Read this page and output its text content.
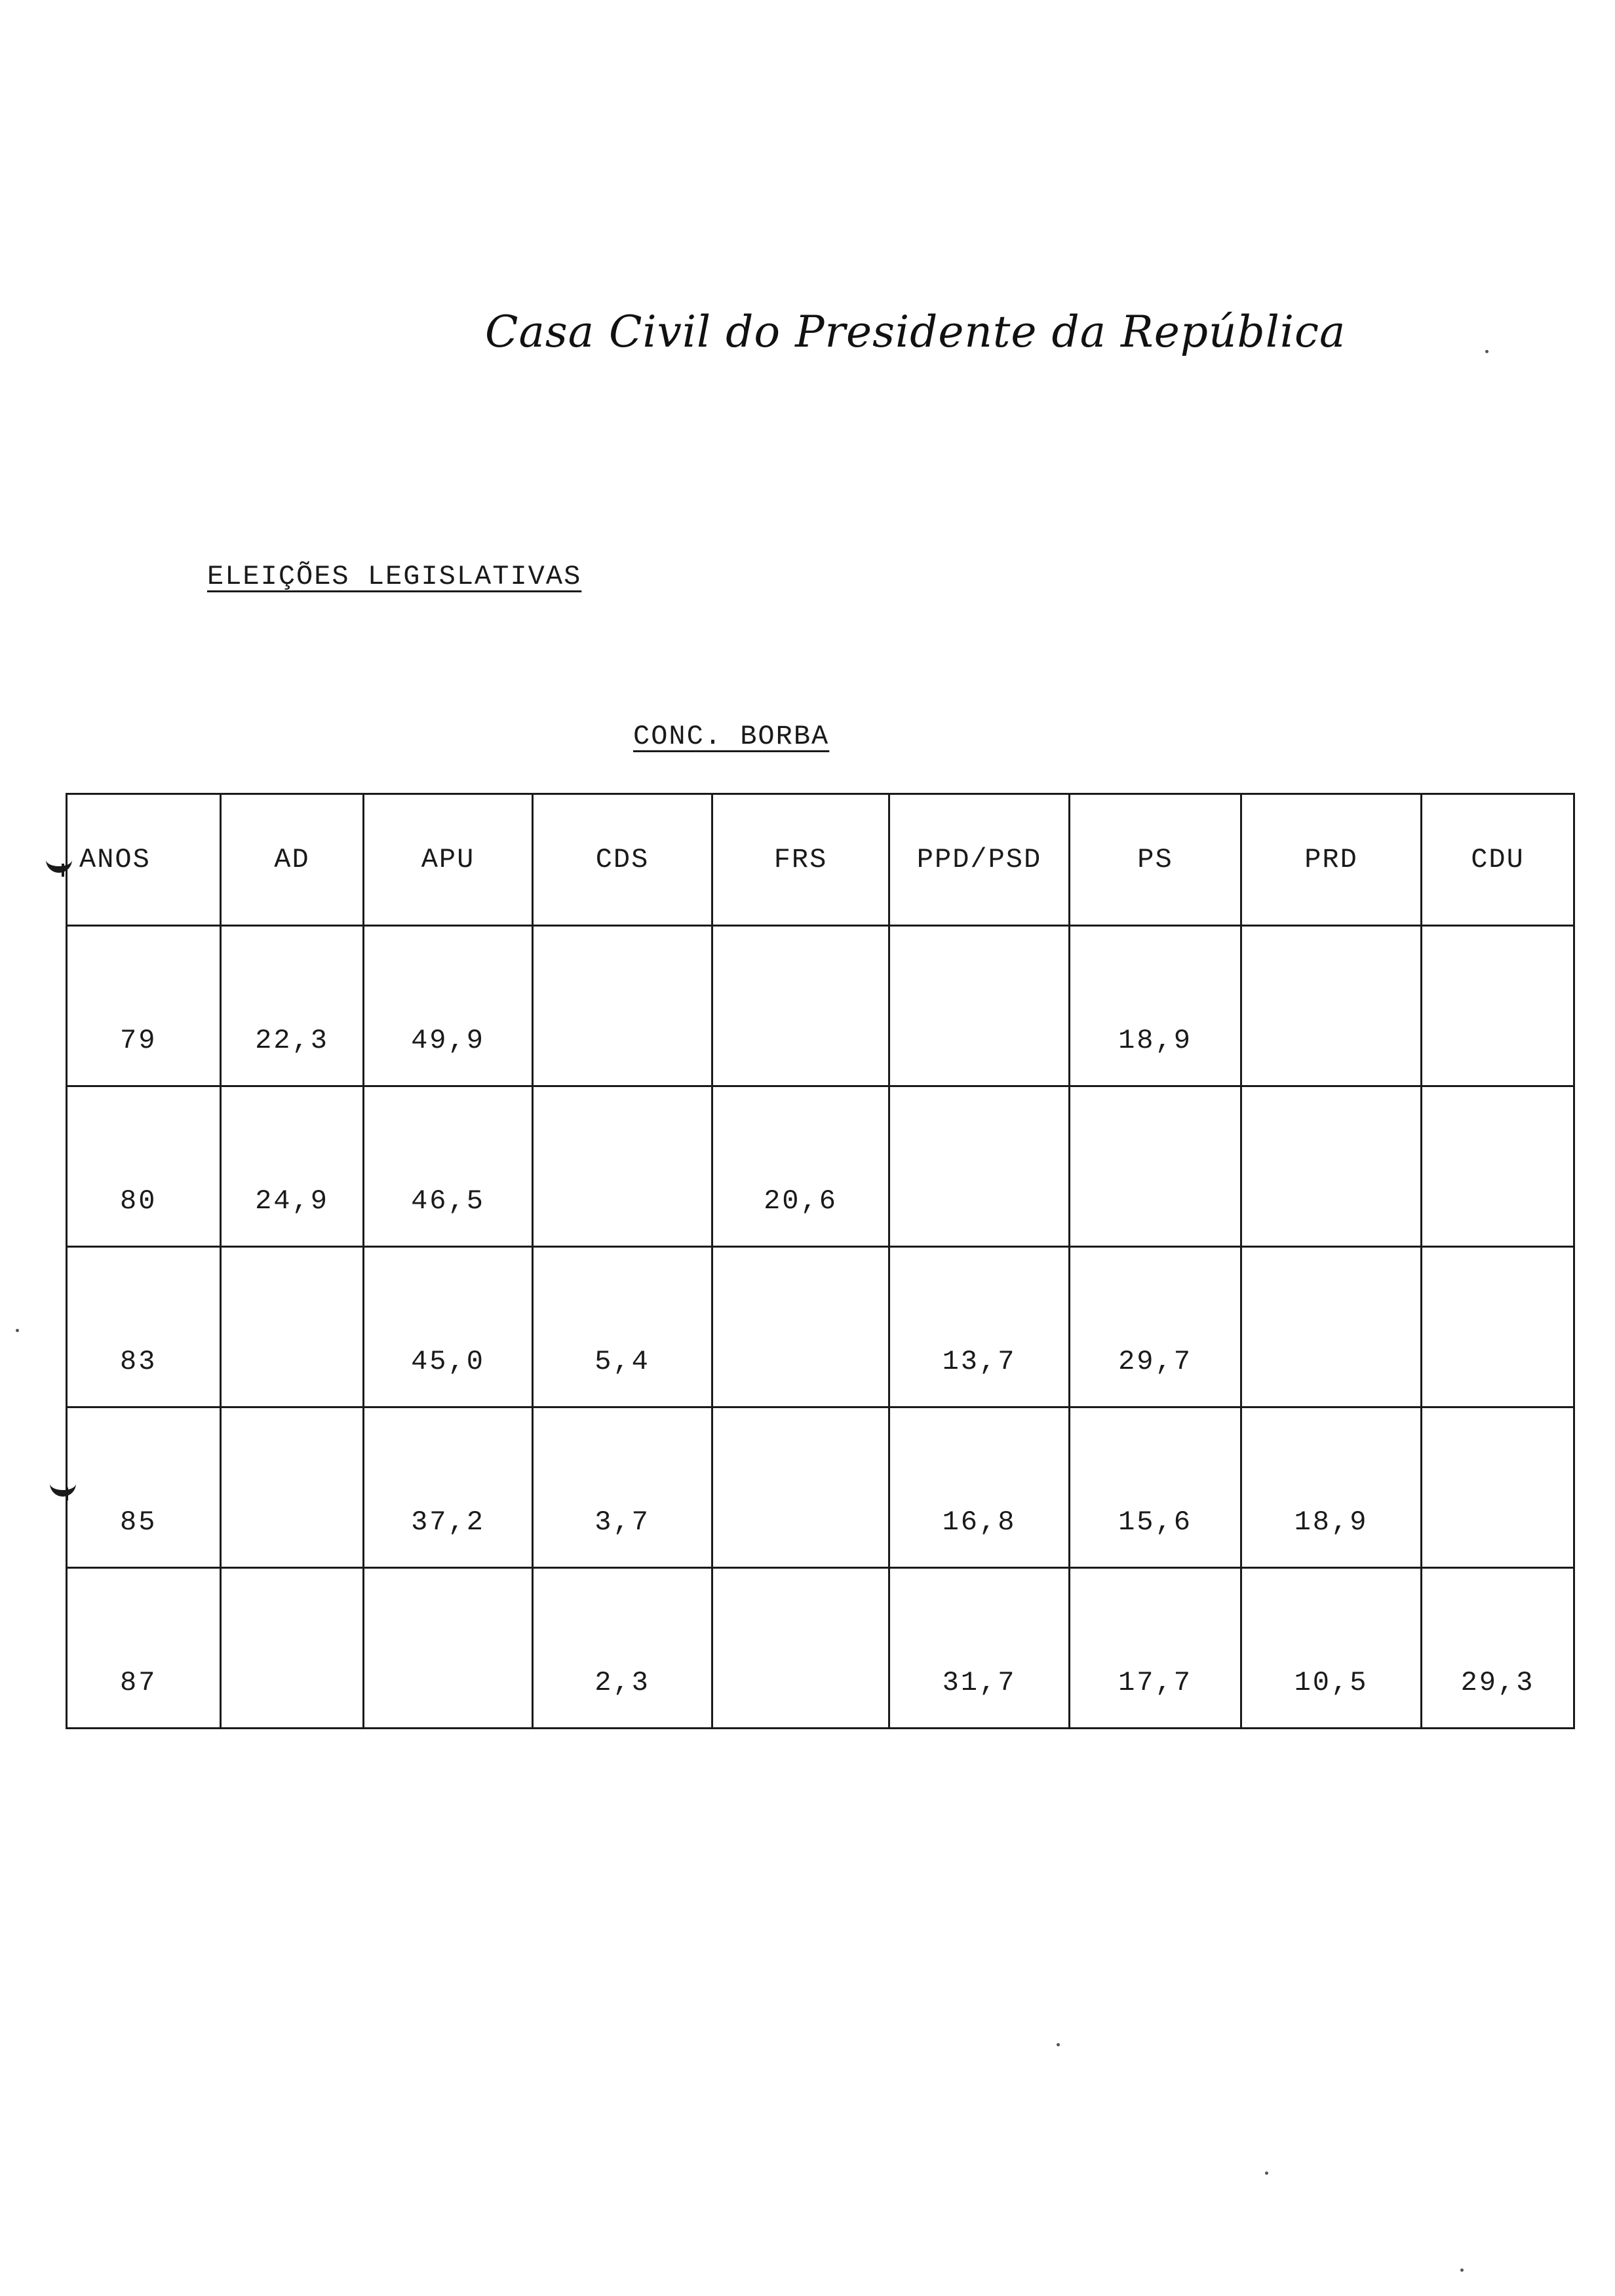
Casa Civil do Presidente da República
ELEIÇÕES LEGISLATIVAS
CONC. BORBA
ANOS	AD	APU	CDS	FRS	PPD/PSD	PS	PRD	CDU
79	22,3	49,9				18,9		
80	24,9	46,5		20,6				
83		45,0	5,4		13,7	29,7		
85		37,2	3,7		16,8	15,6	18,9	
87			2,3		31,7	17,7	10,5	29,3
